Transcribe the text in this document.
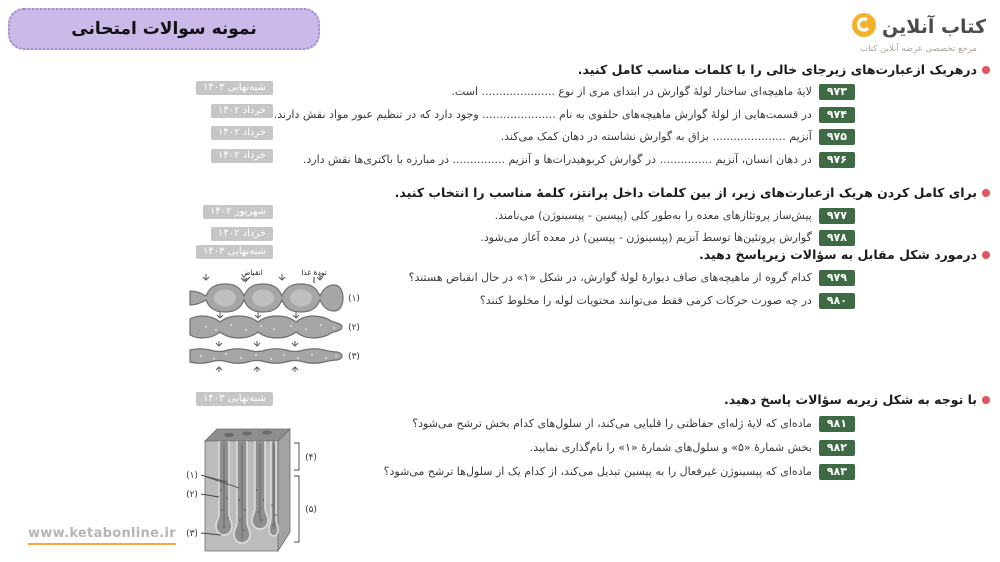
نمونه سوالات امتحانی	کتاب آنلاین
مرجع تخصصی عرضه آنلاین کتاب
درهریک ازعبارت‌های زیرجای خالی را با کلمات مناسب کامل کنید.
۹۷۳لایهٔ ماهیچه‌ای ساختار لولهٔ گوارش در ابتدای مری از نوع ..................... است.
۹۷۴در قسمت‌هایی از لولهٔ گوارش ماهیچه‌های حلقوی به نام ..................... وجود دارد که در تنظیم عبور مواد نقش دارند.
۹۷۵آنزیم ..................... بزاق به گوارش نشاسته در دهان کمک می‌کند.
۹۷۶در دهان انسان، آنزیم ............... در گوارش کربوهیدرات‌ها و آنزیم ............... در مبارزه با باکتری‌ها نقش دارد.
برای کامل کردن هریک ازعبارت‌های زیر، از بین کلمات داخل پرانتز، کلمهٔ مناسب را انتخاب کنید.
۹۷۷پیش‌ساز پروتئازهای معده را به‌طور کلی (پپسین - پپسینوژن) می‌نامند.
۹۷۸گوارش پروتئین‌ها توسط آنزیم (پپسینوژن - پپسین) در معده آغاز می‌شود.
درمورد شکل مقابل به سؤالات زیرپاسخ دهید.
۹۷۹کدام گروه از ماهیچه‌های صاف دیوارهٔ لولهٔ گوارش، در شکل «۱» در حال انقباض هستند؟
۹۸۰در چه صورت حرکات کرمی فقط می‌توانند محتویات لوله را مخلوط کنند؟
با توجه به شکل زیربه سؤالات پاسخ دهید.
۹۸۱ماده‌ای که لایهٔ ژله‌ای حفاظتی را قلیایی می‌کند، از سلول‌های کدام بخش ترشح می‌شود؟
۹۸۲بخش شمارهٔ «۵» و سلول‌های شمارهٔ «۱» را نام‌گذاری نمایید.
۹۸۳ماده‌ای که پپسینوژن غیرفعال را به پپسین تبدیل می‌کند، از کدام یک از سلول‌ها ترشح می‌شود؟
شبه‌نهایی ۱۴۰۳
خرداد ۱۴۰۲
خرداد ۱۴۰۲
خرداد ۱۴۰۲
شهریور ۱۴۰۲
خرداد ۱۴۰۲
شبه‌نهایی ۱۴۰۳
شبه‌نهایی ۱۴۰۳
تودهٔ غذا
انقباض
(۱)
(۲)
(۳)
(۱)
(۲)
(۳)
(۴)
(۵)
www.ketabonline.ir
